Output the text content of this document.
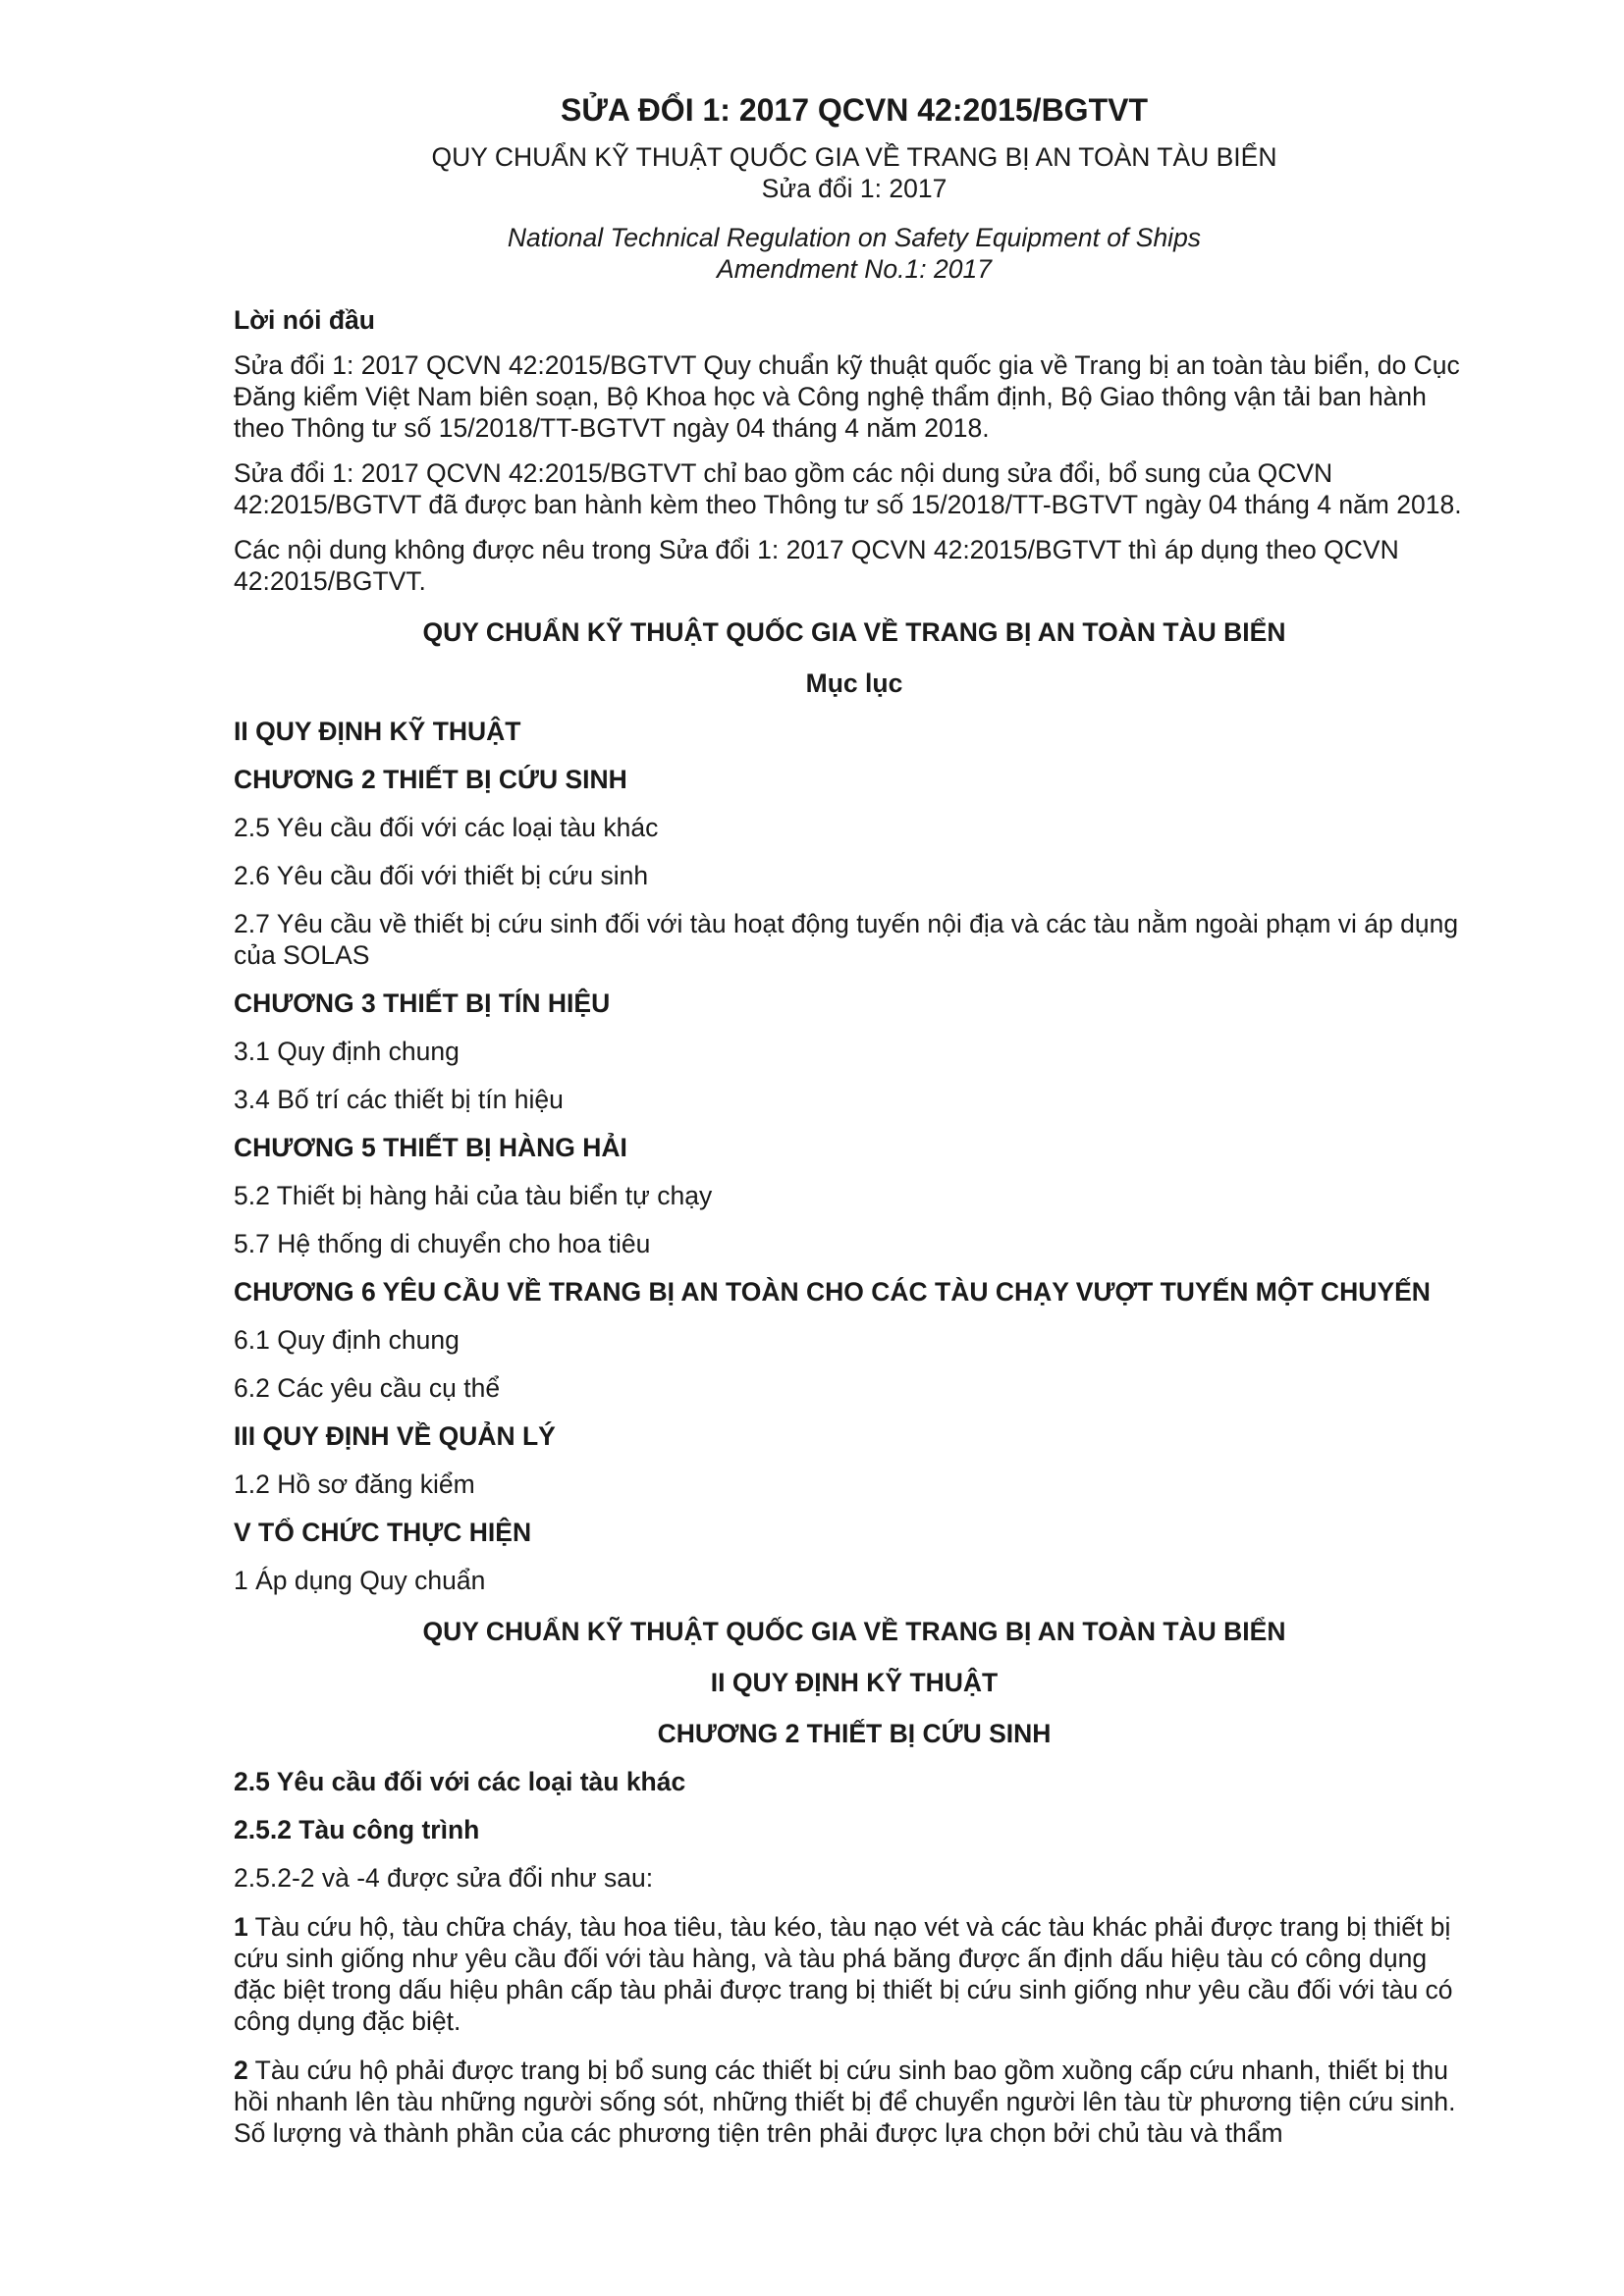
SỬA ĐỔI 1: 2017 QCVN 42:2015/BGTVT

QUY CHUẨN KỸ THUẬT QUỐC GIA VỀ TRANG BỊ AN TOÀN TÀU BIỂN

Sửa đổi 1: 2017

National Technical Regulation on Safety Equipment of Ships

Amendment No.1: 2017

Lời nói đầu

Sửa đổi 1: 2017 QCVN 42:2015/BGTVT Quy chuẩn kỹ thuật quốc gia về Trang bị an toàn tàu biển, do Cục Đăng kiểm Việt Nam biên soạn, Bộ Khoa học và Công nghệ thẩm định, Bộ Giao thông vận tải ban hành theo Thông tư số 15/2018/TT-BGTVT ngày 04 tháng 4 năm 2018.

Sửa đổi 1: 2017 QCVN 42:2015/BGTVT chỉ bao gồm các nội dung sửa đổi, bổ sung của QCVN 42:2015/BGTVT đã được ban hành kèm theo Thông tư số 15/2018/TT-BGTVT ngày 04 tháng 4 năm 2018.

Các nội dung không được nêu trong Sửa đổi 1: 2017 QCVN 42:2015/BGTVT thì áp dụng theo QCVN 42:2015/BGTVT.

QUY CHUẨN KỸ THUẬT QUỐC GIA VỀ TRANG BỊ AN TOÀN TÀU BIỂN
Mục lục
II QUY ĐỊNH KỸ THUẬT
CHƯƠNG 2 THIẾT BỊ CỨU SINH
2.5 Yêu cầu đối với các loại tàu khác
2.6 Yêu cầu đối với thiết bị cứu sinh
2.7 Yêu cầu về thiết bị cứu sinh đối với tàu hoạt động tuyến nội địa và các tàu nằm ngoài phạm vi áp dụng của SOLAS
CHƯƠNG 3 THIẾT BỊ TÍN HIỆU
3.1 Quy định chung
3.4 Bố trí các thiết bị tín hiệu
CHƯƠNG 5 THIẾT BỊ HÀNG HẢI
5.2 Thiết bị hàng hải của tàu biển tự chạy
5.7 Hệ thống di chuyển cho hoa tiêu
CHƯƠNG 6 YÊU CẦU VỀ TRANG BỊ AN TOÀN CHO CÁC TÀU CHẠY VƯỢT TUYẾN MỘT CHUYẾN
6.1 Quy định chung
6.2 Các yêu cầu cụ thể
III QUY ĐỊNH VỀ QUẢN LÝ
1.2 Hồ sơ đăng kiểm
V TỔ CHỨC THỰC HIỆN
1 Áp dụng Quy chuẩn
QUY CHUẨN KỸ THUẬT QUỐC GIA VỀ TRANG BỊ AN TOÀN TÀU BIỂN
II QUY ĐỊNH KỸ THUẬT
CHƯƠNG 2 THIẾT BỊ CỨU SINH
2.5 Yêu cầu đối với các loại tàu khác
2.5.2 Tàu công trình
2.5.2-2 và -4 được sửa đổi như sau:

1 Tàu cứu hộ, tàu chữa cháy, tàu hoa tiêu, tàu kéo, tàu nạo vét và các tàu khác phải được trang bị thiết bị cứu sinh giống như yêu cầu đối với tàu hàng, và tàu phá băng được ấn định dấu hiệu tàu có công dụng đặc biệt trong dấu hiệu phân cấp tàu phải được trang bị thiết bị cứu sinh giống như yêu cầu đối với tàu có công dụng đặc biệt.

2 Tàu cứu hộ phải được trang bị bổ sung các thiết bị cứu sinh bao gồm xuồng cấp cứu nhanh, thiết bị thu hồi nhanh lên tàu những người sống sót, những thiết bị để chuyển người lên tàu từ phương tiện cứu sinh. Số lượng và thành phần của các phương tiện trên phải được lựa chọn bởi chủ tàu và thẩm
